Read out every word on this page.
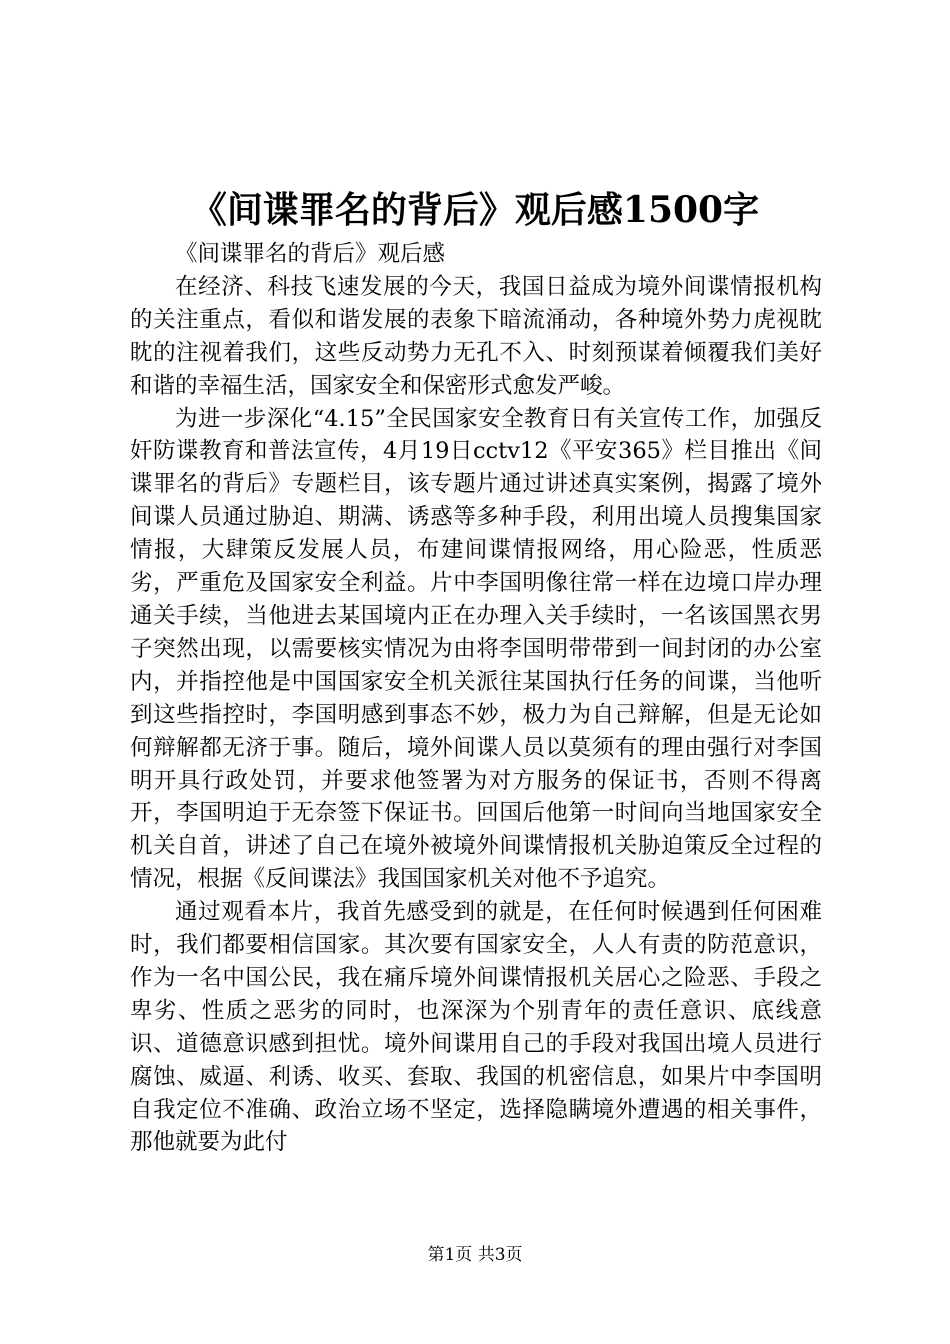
《间谍罪名的背后》观后感1500字

《间谍罪名的背后》观后感

在经济、科技飞速发展的今天，我国日益成为境外间谍情报机构的关注重点，看似和谐发展的表象下暗流涌动，各种境外势力虎视眈眈的注视着我们，这些反动势力无孔不入、时刻预谋着倾覆我们美好和谐的幸福生活，国家安全和保密形式愈发严峻。

为进一步深化“4.15”全民国家安全教育日有关宣传工作，加强反奸防谍教育和普法宣传，4月19日cctv12《平安365》栏目推出《间谍罪名的背后》专题栏目，该专题片通过讲述真实案例，揭露了境外间谍人员通过胁迫、期满、诱惑等多种手段，利用出境人员搜集国家情报，大肆策反发展人员，布建间谍情报网络，用心险恶，性质恶劣，严重危及国家安全利益。片中李国明像往常一样在边境口岸办理通关手续，当他进去某国境内正在办理入关手续时，一名该国黑衣男子突然出现，以需要核实情况为由将李国明带带到一间封闭的办公室内，并指控他是中国国家安全机关派往某国执行任务的间谍，当他听到这些指控时，李国明感到事态不妙，极力为自己辩解，但是无论如何辩解都无济于事。随后，境外间谍人员以莫须有的理由强行对李国明开具行政处罚，并要求他签署为对方服务的保证书，否则不得离开，李国明迫于无奈签下保证书。回国后他第一时间向当地国家安全机关自首，讲述了自己在境外被境外间谍情报机关胁迫策反全过程的情况，根据《反间谍法》我国国家机关对他不予追究。

通过观看本片，我首先感受到的就是，在任何时候遇到任何困难时，我们都要相信国家。其次要有国家安全，人人有责的防范意识，作为一名中国公民，我在痛斥境外间谍情报机关居心之险恶、手段之卑劣、性质之恶劣的同时，也深深为个别青年的责任意识、底线意识、道德意识感到担忧。境外间谍用自己的手段对我国出境人员进行腐蚀、威逼、利诱、收买、套取、我国的机密信息，如果片中李国明自我定位不准确、政治立场不坚定，选择隐瞒境外遭遇的相关事件，那他就要为此付

第1页 共3页
